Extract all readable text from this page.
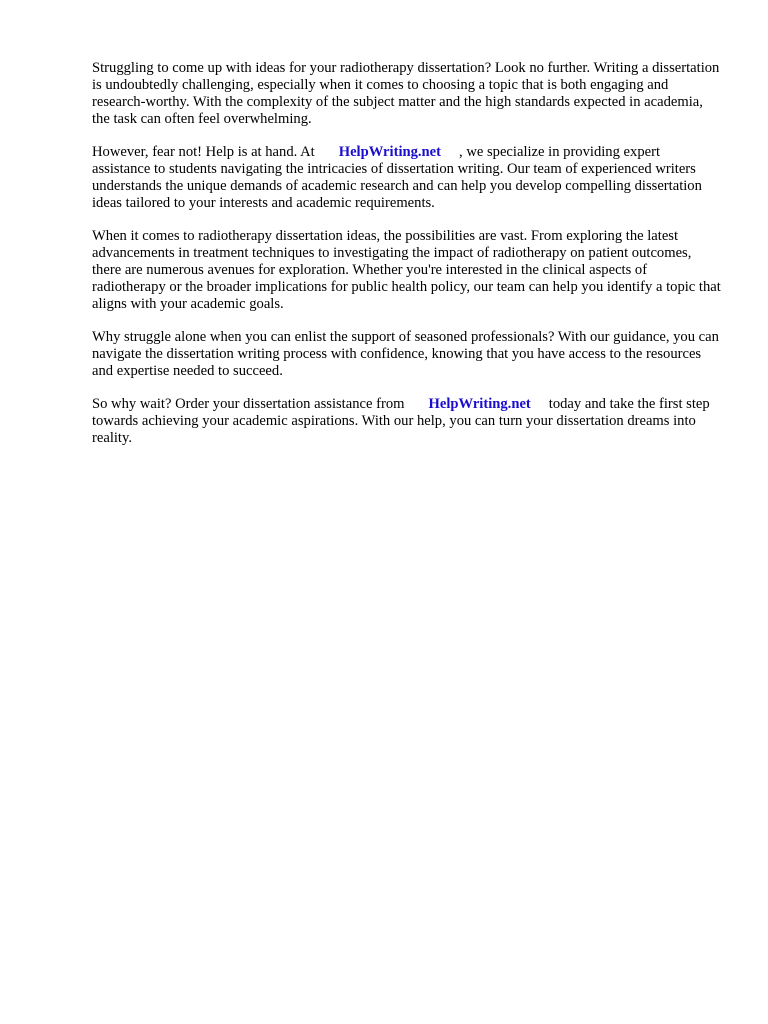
Struggling to come up with ideas for your radiotherapy dissertation? Look no further. Writing a dissertation is undoubtedly challenging, especially when it comes to choosing a topic that is both engaging and research-worthy. With the complexity of the subject matter and the high standards expected in academia, the task can often feel overwhelming.

However, fear not! Help is at hand. At HelpWriting.net , we specialize in providing expert assistance to students navigating the intricacies of dissertation writing. Our team of experienced writers understands the unique demands of academic research and can help you develop compelling dissertation ideas tailored to your interests and academic requirements.

When it comes to radiotherapy dissertation ideas, the possibilities are vast. From exploring the latest advancements in treatment techniques to investigating the impact of radiotherapy on patient outcomes, there are numerous avenues for exploration. Whether you're interested in the clinical aspects of radiotherapy or the broader implications for public health policy, our team can help you identify a topic that aligns with your academic goals.

Why struggle alone when you can enlist the support of seasoned professionals? With our guidance, you can navigate the dissertation writing process with confidence, knowing that you have access to the resources and expertise needed to succeed.

So why wait? Order your dissertation assistance from HelpWriting.net today and take the first step towards achieving your academic aspirations. With our help, you can turn your dissertation dreams into reality.
